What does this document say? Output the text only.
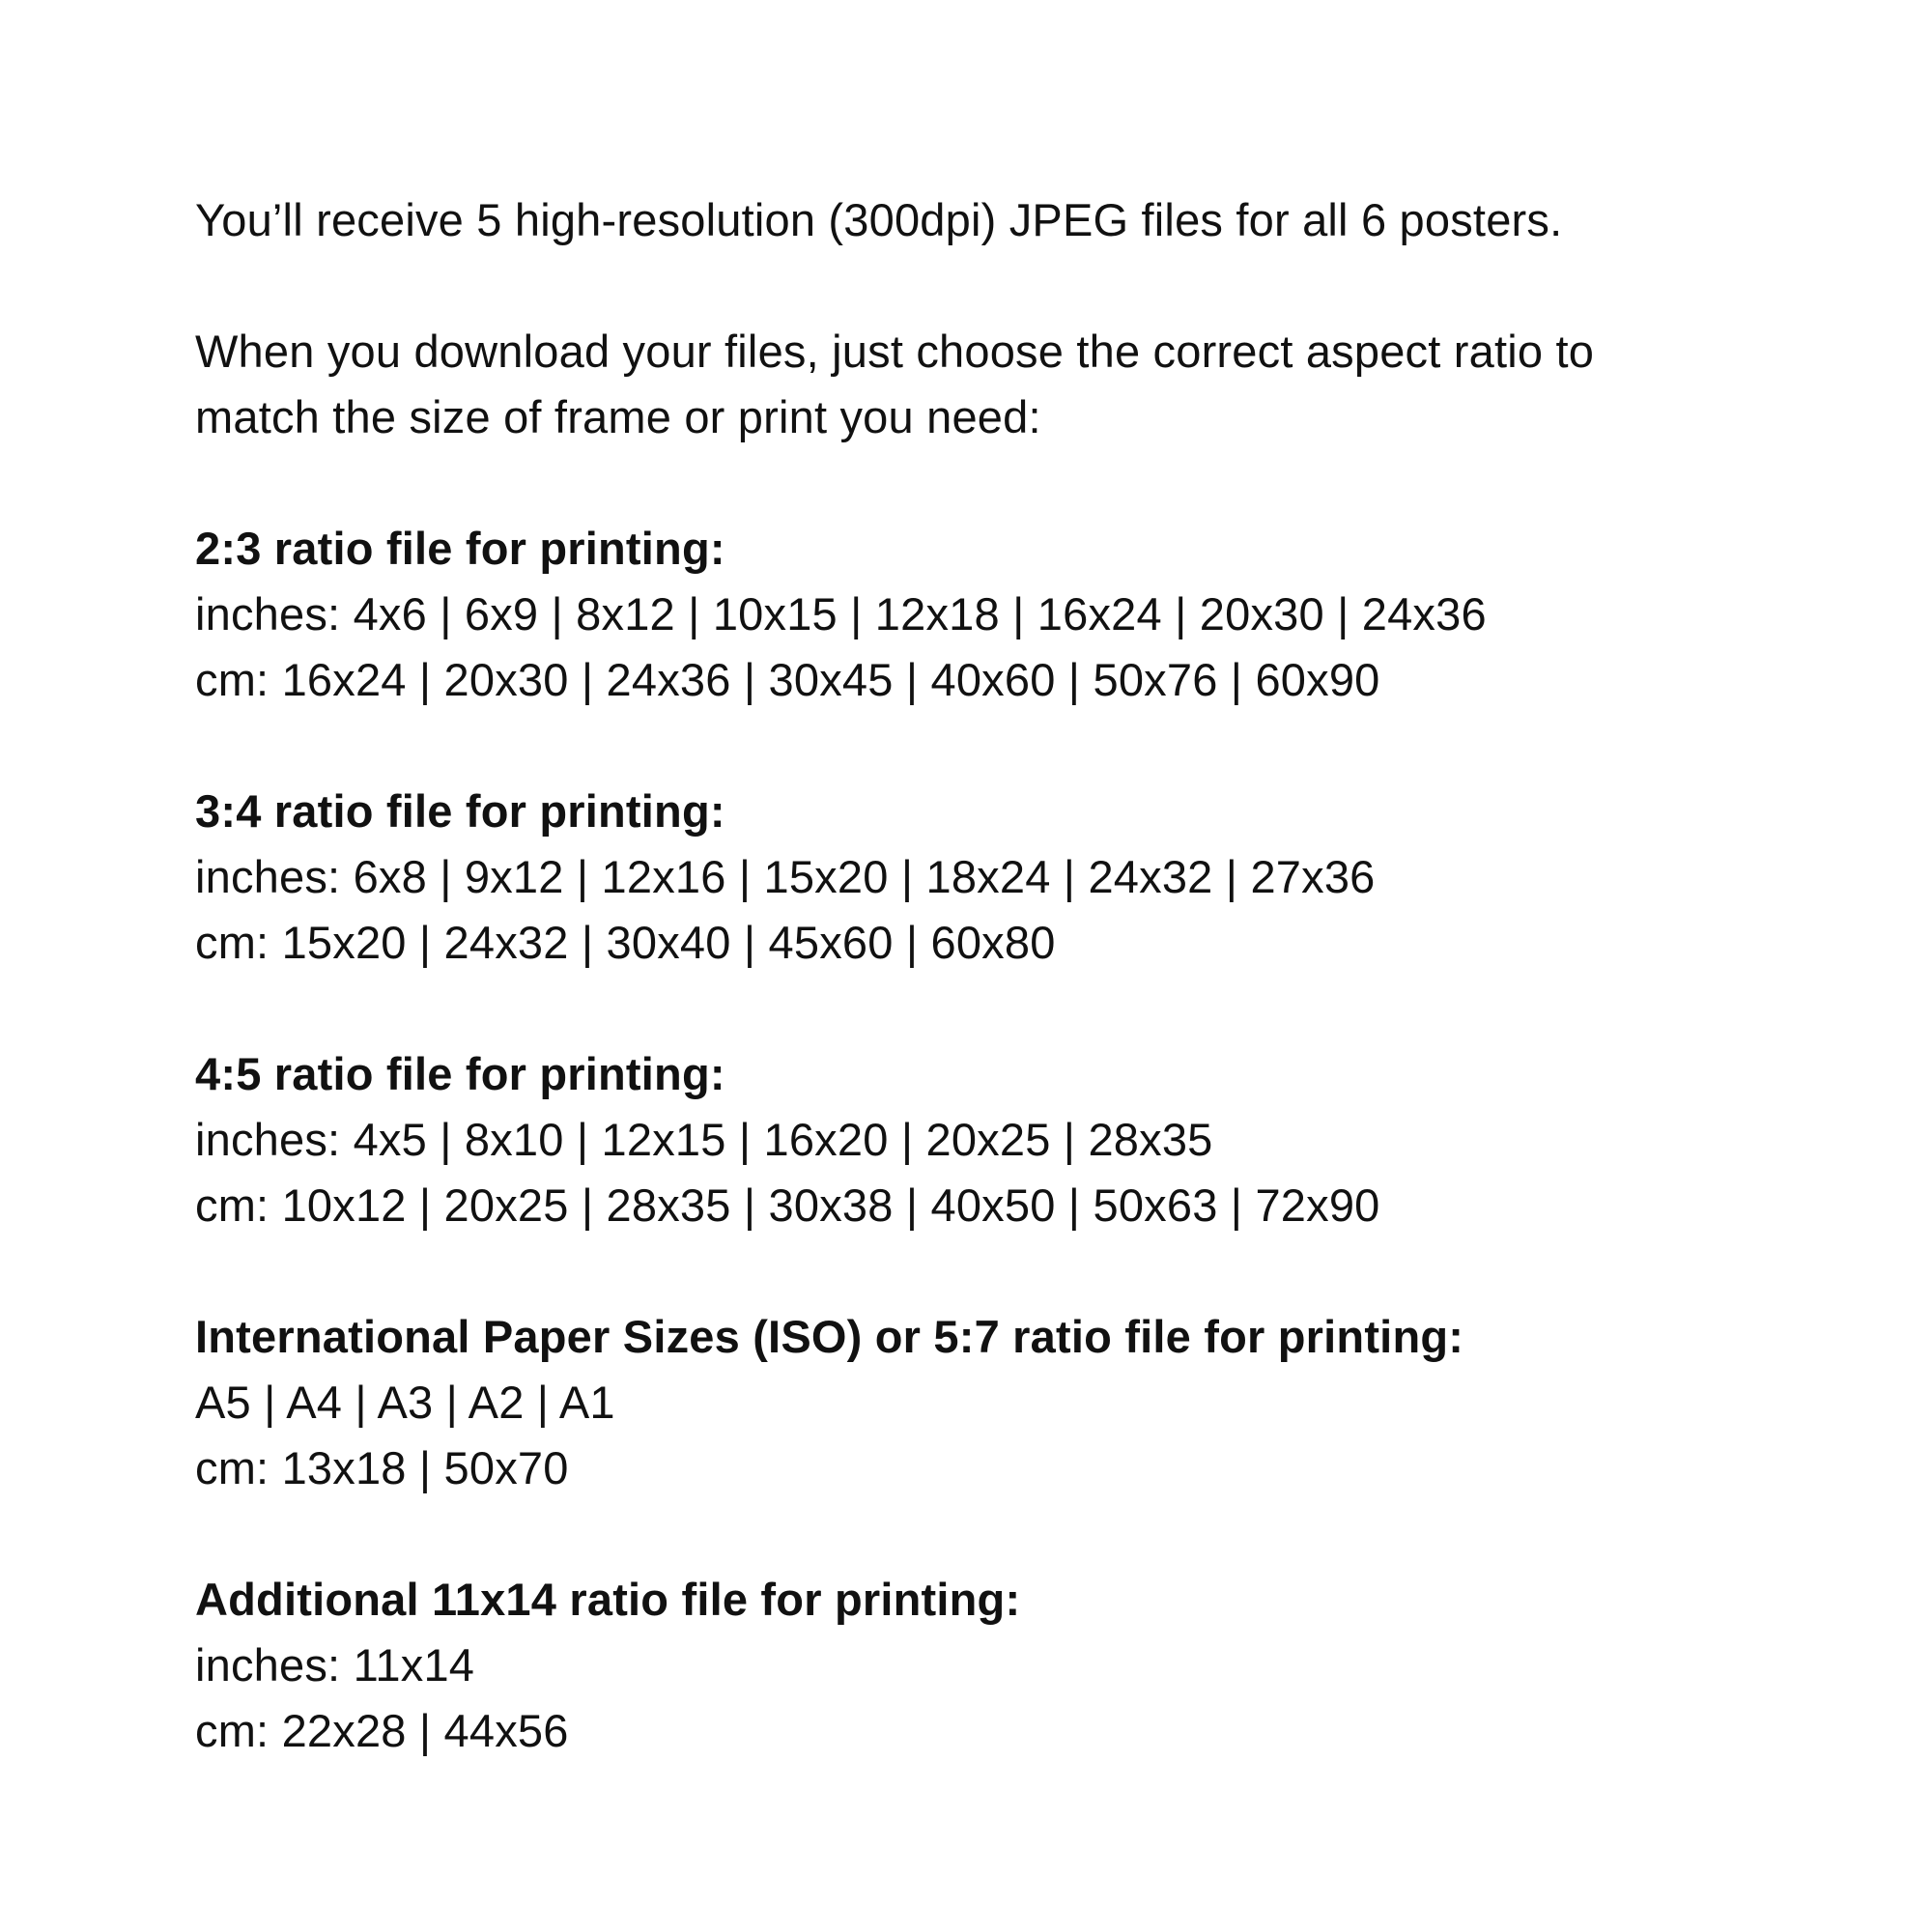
You’ll receive 5 high-resolution (300dpi) JPEG files for all 6 posters.

When you download your files, just choose the correct aspect ratio to match the size of frame or print you need:

2:3 ratio file for printing:

inches: 4x6 | 6x9 | 8x12 | 10x15 | 12x18 | 16x24 | 20x30 | 24x36

cm: 16x24 | 20x30 | 24x36 | 30x45 | 40x60 | 50x76 | 60x90

3:4 ratio file for printing:

inches: 6x8 | 9x12 | 12x16 | 15x20 | 18x24 | 24x32 | 27x36

cm: 15x20 | 24x32 | 30x40 | 45x60 | 60x80

4:5 ratio file for printing:

inches: 4x5 | 8x10 | 12x15 | 16x20 | 20x25 | 28x35

cm: 10x12 | 20x25 | 28x35 | 30x38 | 40x50 | 50x63 | 72x90

International Paper Sizes (ISO) or 5:7 ratio file for printing:

A5 | A4 | A3 | A2 | A1

cm: 13x18 | 50x70

Additional 11x14 ratio file for printing:

inches: 11x14

cm: 22x28 | 44x56
